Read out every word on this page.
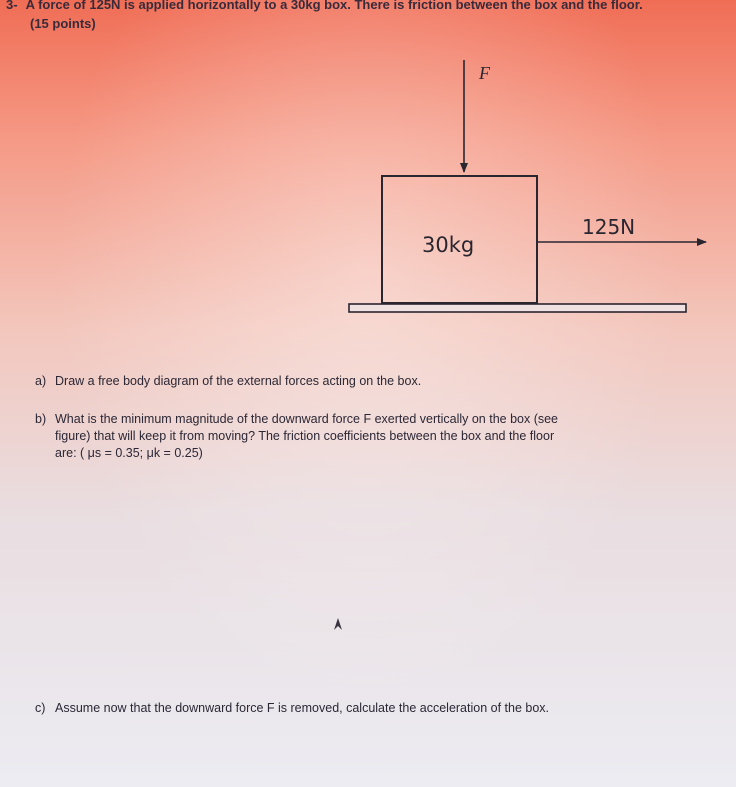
3- A force of 125N is applied horizontally to a 30kg box. There is friction between the box and the floor.
(15 points)
F
30kg
125N
a) Draw a free body diagram of the external forces acting on the box.
b) What is the minimum magnitude of the downward force F exerted vertically on the box (see
figure) that will keep it from moving? The friction coefficients between the box and the floor
are: ( μs = 0.35; μk = 0.25)
c) Assume now that the downward force F is removed, calculate the acceleration of the box.
